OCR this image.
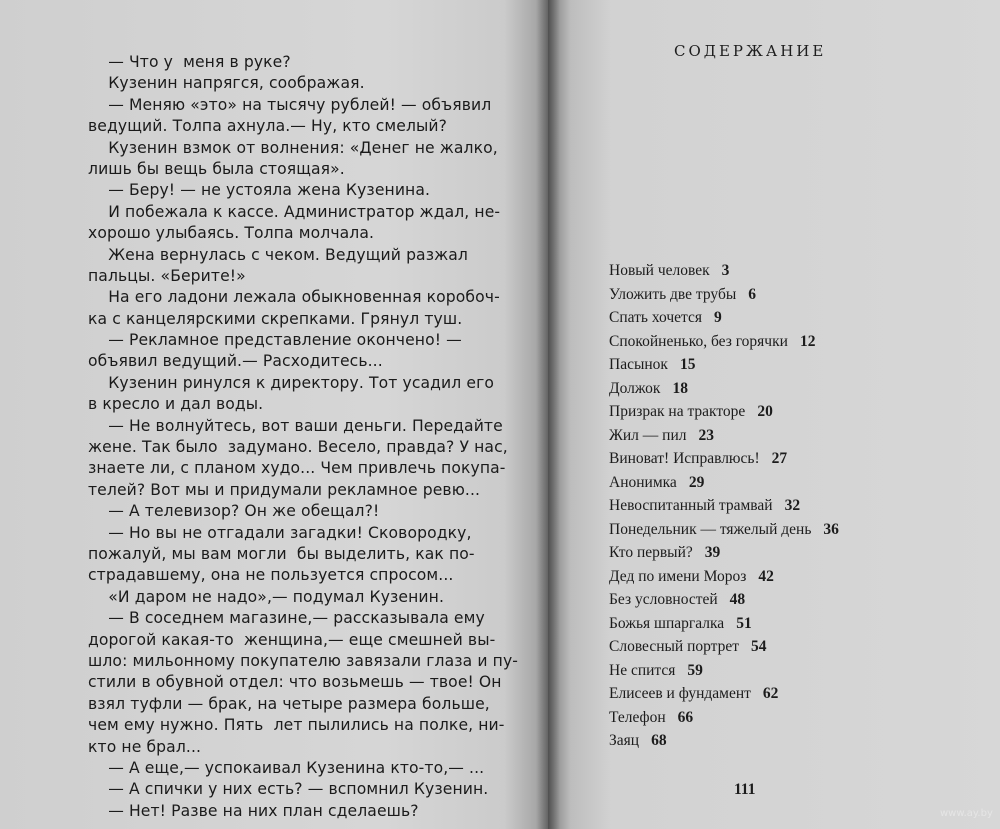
— Что у  меня в руке?
Кузенин напрягся, соображая.
— Меняю «это» на тысячу рублей! — объявил
ведущий. Толпа ахнула.— Ну, кто смелый?
Кузенин взмок от волнения: «Денег не жалко,
лишь бы вещь была стоящая».
— Беру! — не устояла жена Кузенина.
И побежала к кассе. Администратор ждал, не-
хорошо улыбаясь. Толпа молчала.
Жена вернулась с чеком. Ведущий разжал
пальцы. «Берите!»
На его ладони лежала обыкновенная коробоч-
ка с канцелярскими скрепками. Грянул туш.
— Рекламное представление окончено! —
объявил ведущий.— Расходитесь...
Кузенин ринулся к директору. Тот усадил его
в кресло и дал воды.
— Не волнуйтесь, вот ваши деньги. Передайте
жене. Так было  задумано. Весело, правда? У нас,
знаете ли, с планом худо... Чем привлечь покупа-
телей? Вот мы и придумали рекламное ревю...
— А телевизор? Он же обещал?!
— Но вы не отгадали загадки! Сковородку,
пожалуй, мы вам могли  бы выделить, как по-
страдавшему, она не пользуется спросом...
«И даром не надо»,— подумал Кузенин.
— В соседнем магазине,— рассказывала ему
дорогой какая-то  женщина,— еще смешней вы-
шло: мильонному покупателю завязали глаза и пу-
стили в обувной отдел: что возьмешь — твое! Он
взял туфли — брак, на четыре размера больше,
чем ему нужно. Пять  лет пылились на полке, ни-
кто не брал...
— А еще,— успокаивал Кузенина кто-то,— ...
— А спички у них есть? — вспомнил Кузенин.
— Нет! Разве на них план сделаешь?
СОДЕРЖАНИЕ
Новый человек 3
Уложить две трубы 6
Спать хочется 9
Спокойненько, без горячки 12
Пасынок 15
Должок 18
Призрак на тракторе 20
Жил — пил 23
Виноват! Исправлюсь! 27
Анонимка 29
Невоспитанный трамвай 32
Понедельник — тяжелый день 36
Кто первый? 39
Дед по имени Мороз 42
Без условностей 48
Божья шпаргалка 51
Словесный портрет 54
Не спится 59
Елисеев и фундамент 62
Телефон 66
Заяц 68
111
www.ay.by
